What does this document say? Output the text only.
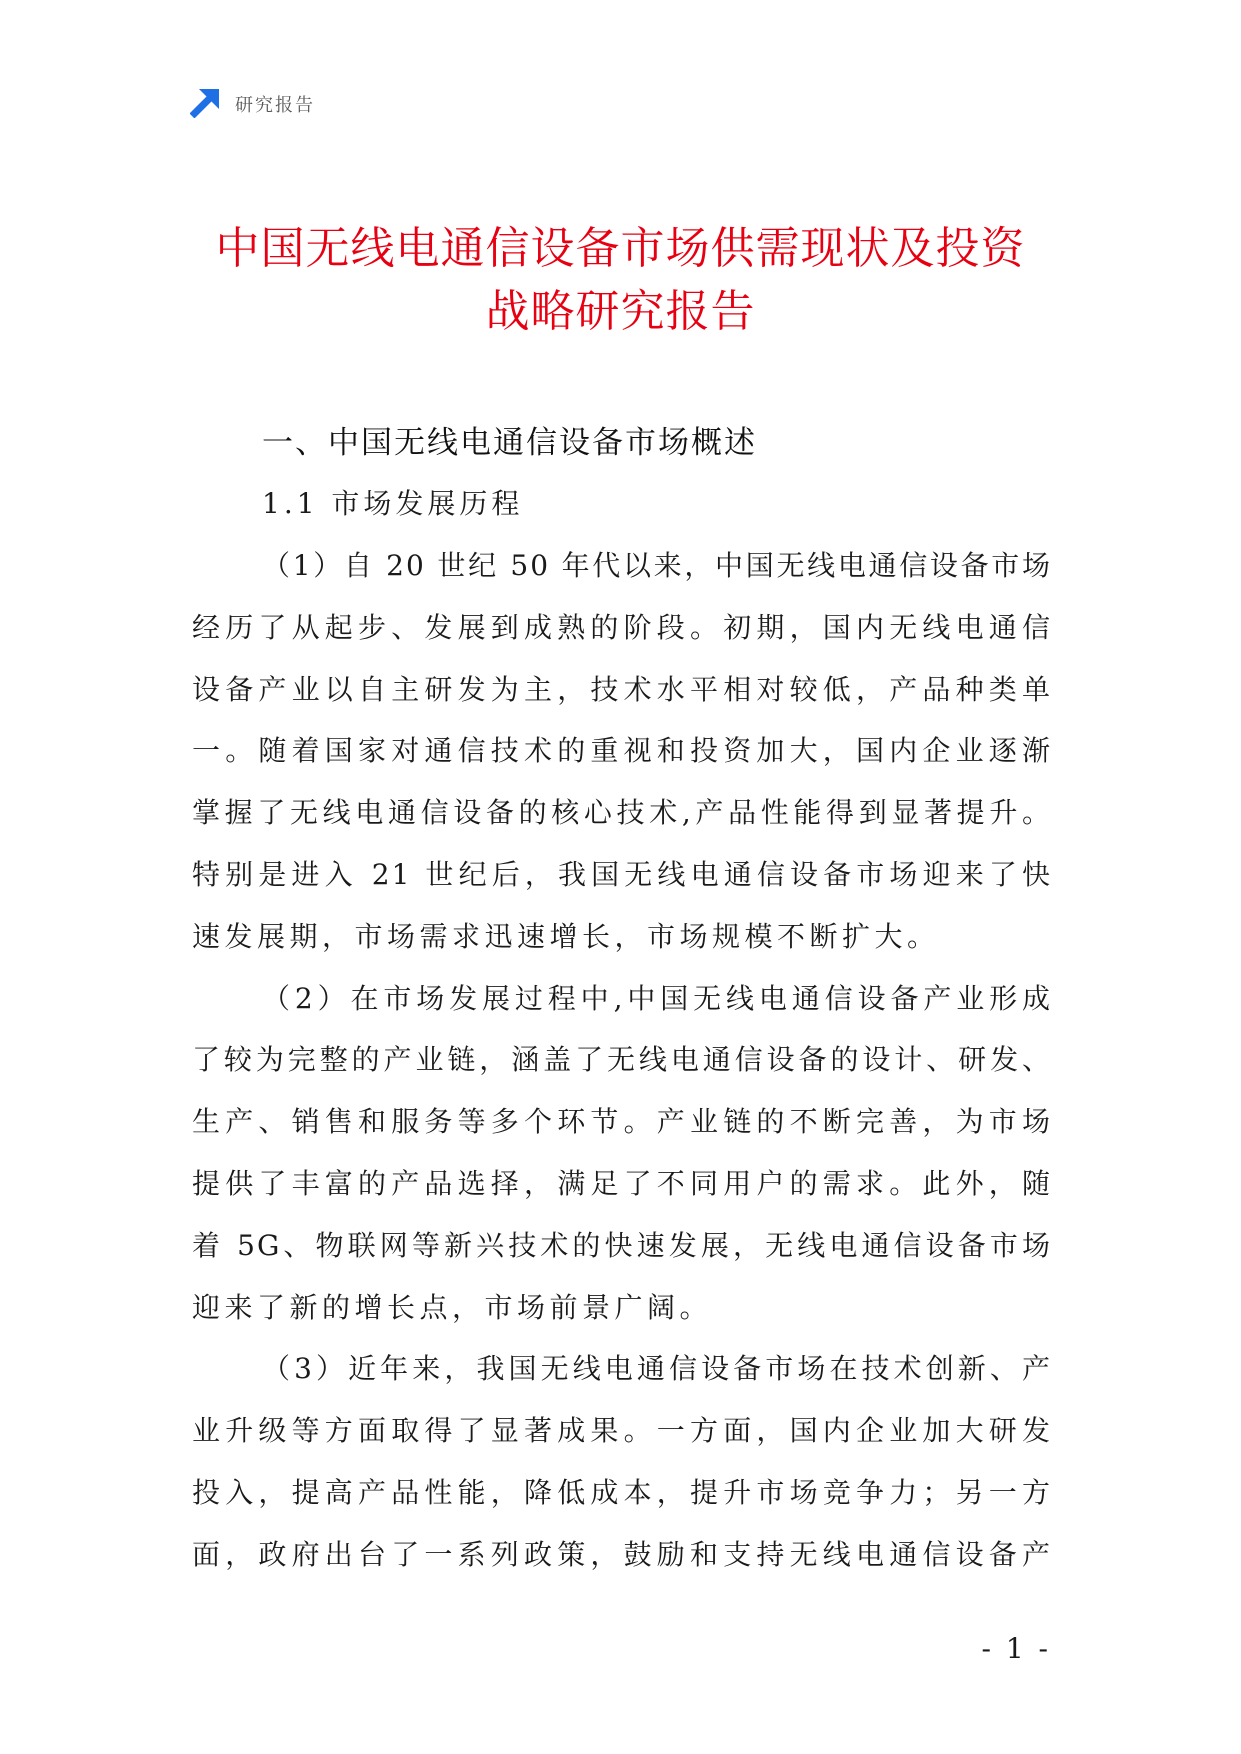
研究报告
中国无线电通信设备市场供需现状及投资
战略研究报告
一、中国无线电通信设备市场概述
1.1 市场发展历程
（1）自 20 世纪 50 年代以来，中国无线电通信设备市场
经历了从起步、发展到成熟的阶段。初期，国内无线电通信
设备产业以自主研发为主，技术水平相对较低，产品种类单
一。随着国家对通信技术的重视和投资加大，国内企业逐渐
掌握了无线电通信设备的核心技术,产品性能得到显著提升。
特别是进入 21 世纪后，我国无线电通信设备市场迎来了快
速发展期，市场需求迅速增长，市场规模不断扩大。
（2）在市场发展过程中,中国无线电通信设备产业形成
了较为完整的产业链，涵盖了无线电通信设备的设计、研发、
生产、销售和服务等多个环节。产业链的不断完善，为市场
提供了丰富的产品选择，满足了不同用户的需求。此外，随
着 5G、物联网等新兴技术的快速发展，无线电通信设备市场
迎来了新的增长点，市场前景广阔。
（3）近年来，我国无线电通信设备市场在技术创新、产
业升级等方面取得了显著成果。一方面，国内企业加大研发
投入，提高产品性能，降低成本，提升市场竞争力；另一方
面，政府出台了一系列政策，鼓励和支持无线电通信设备产
- 1 -
